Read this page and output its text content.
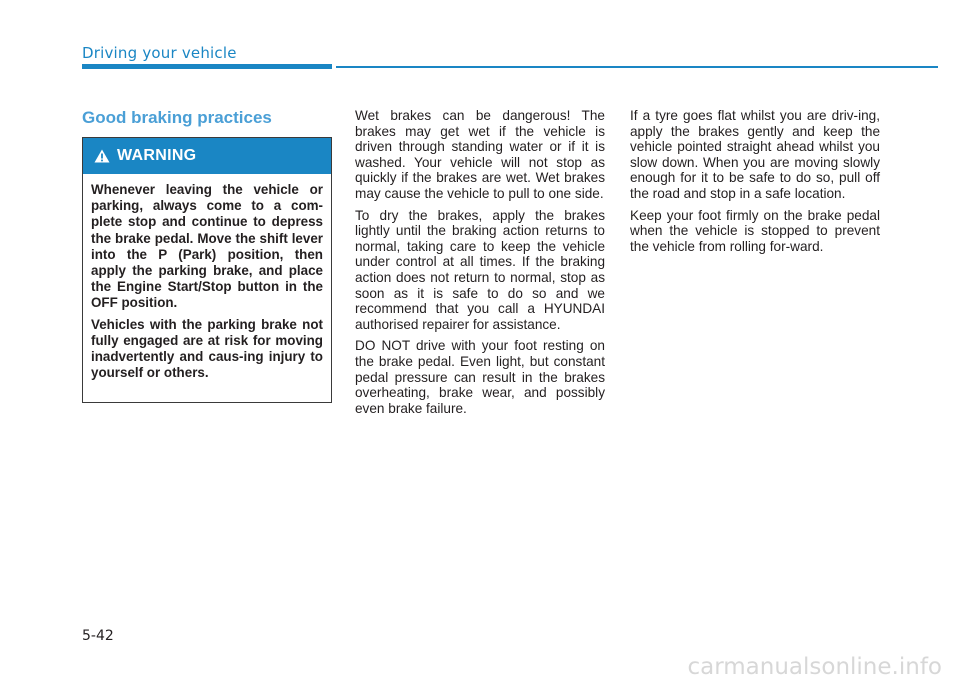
Driving your vehicle
Good braking practices
WARNING

Whenever leaving the vehicle or parking, always come to a com-plete stop and continue to depress the brake pedal. Move the shift lever into the P (Park) position, then apply the parking brake, and place the Engine Start/Stop button in the OFF position.

Vehicles with the parking brake not fully engaged are at risk for moving inadvertently and caus-ing injury to yourself or others.

Wet brakes can be dangerous! The brakes may get wet if the vehicle is driven through standing water or if it is washed. Your vehicle will not stop as quickly if the brakes are wet. Wet brakes may cause the vehicle to pull to one side.

To dry the brakes, apply the brakes lightly until the braking action returns to normal, taking care to keep the vehicle under control at all times. If the braking action does not return to normal, stop as soon as it is safe to do so and we recommend that you call a HYUNDAI authorised repairer for assistance.

DO NOT drive with your foot resting on the brake pedal. Even light, but constant pedal pressure can result in the brakes overheating, brake wear, and possibly even brake failure.

If a tyre goes flat whilst you are driv-ing, apply the brakes gently and keep the vehicle pointed straight ahead whilst you slow down. When you are moving slowly enough for it to be safe to do so, pull off the road and stop in a safe location.

Keep your foot firmly on the brake pedal when the vehicle is stopped to prevent the vehicle from rolling for-ward.

5-42
carmanualsonline.info
